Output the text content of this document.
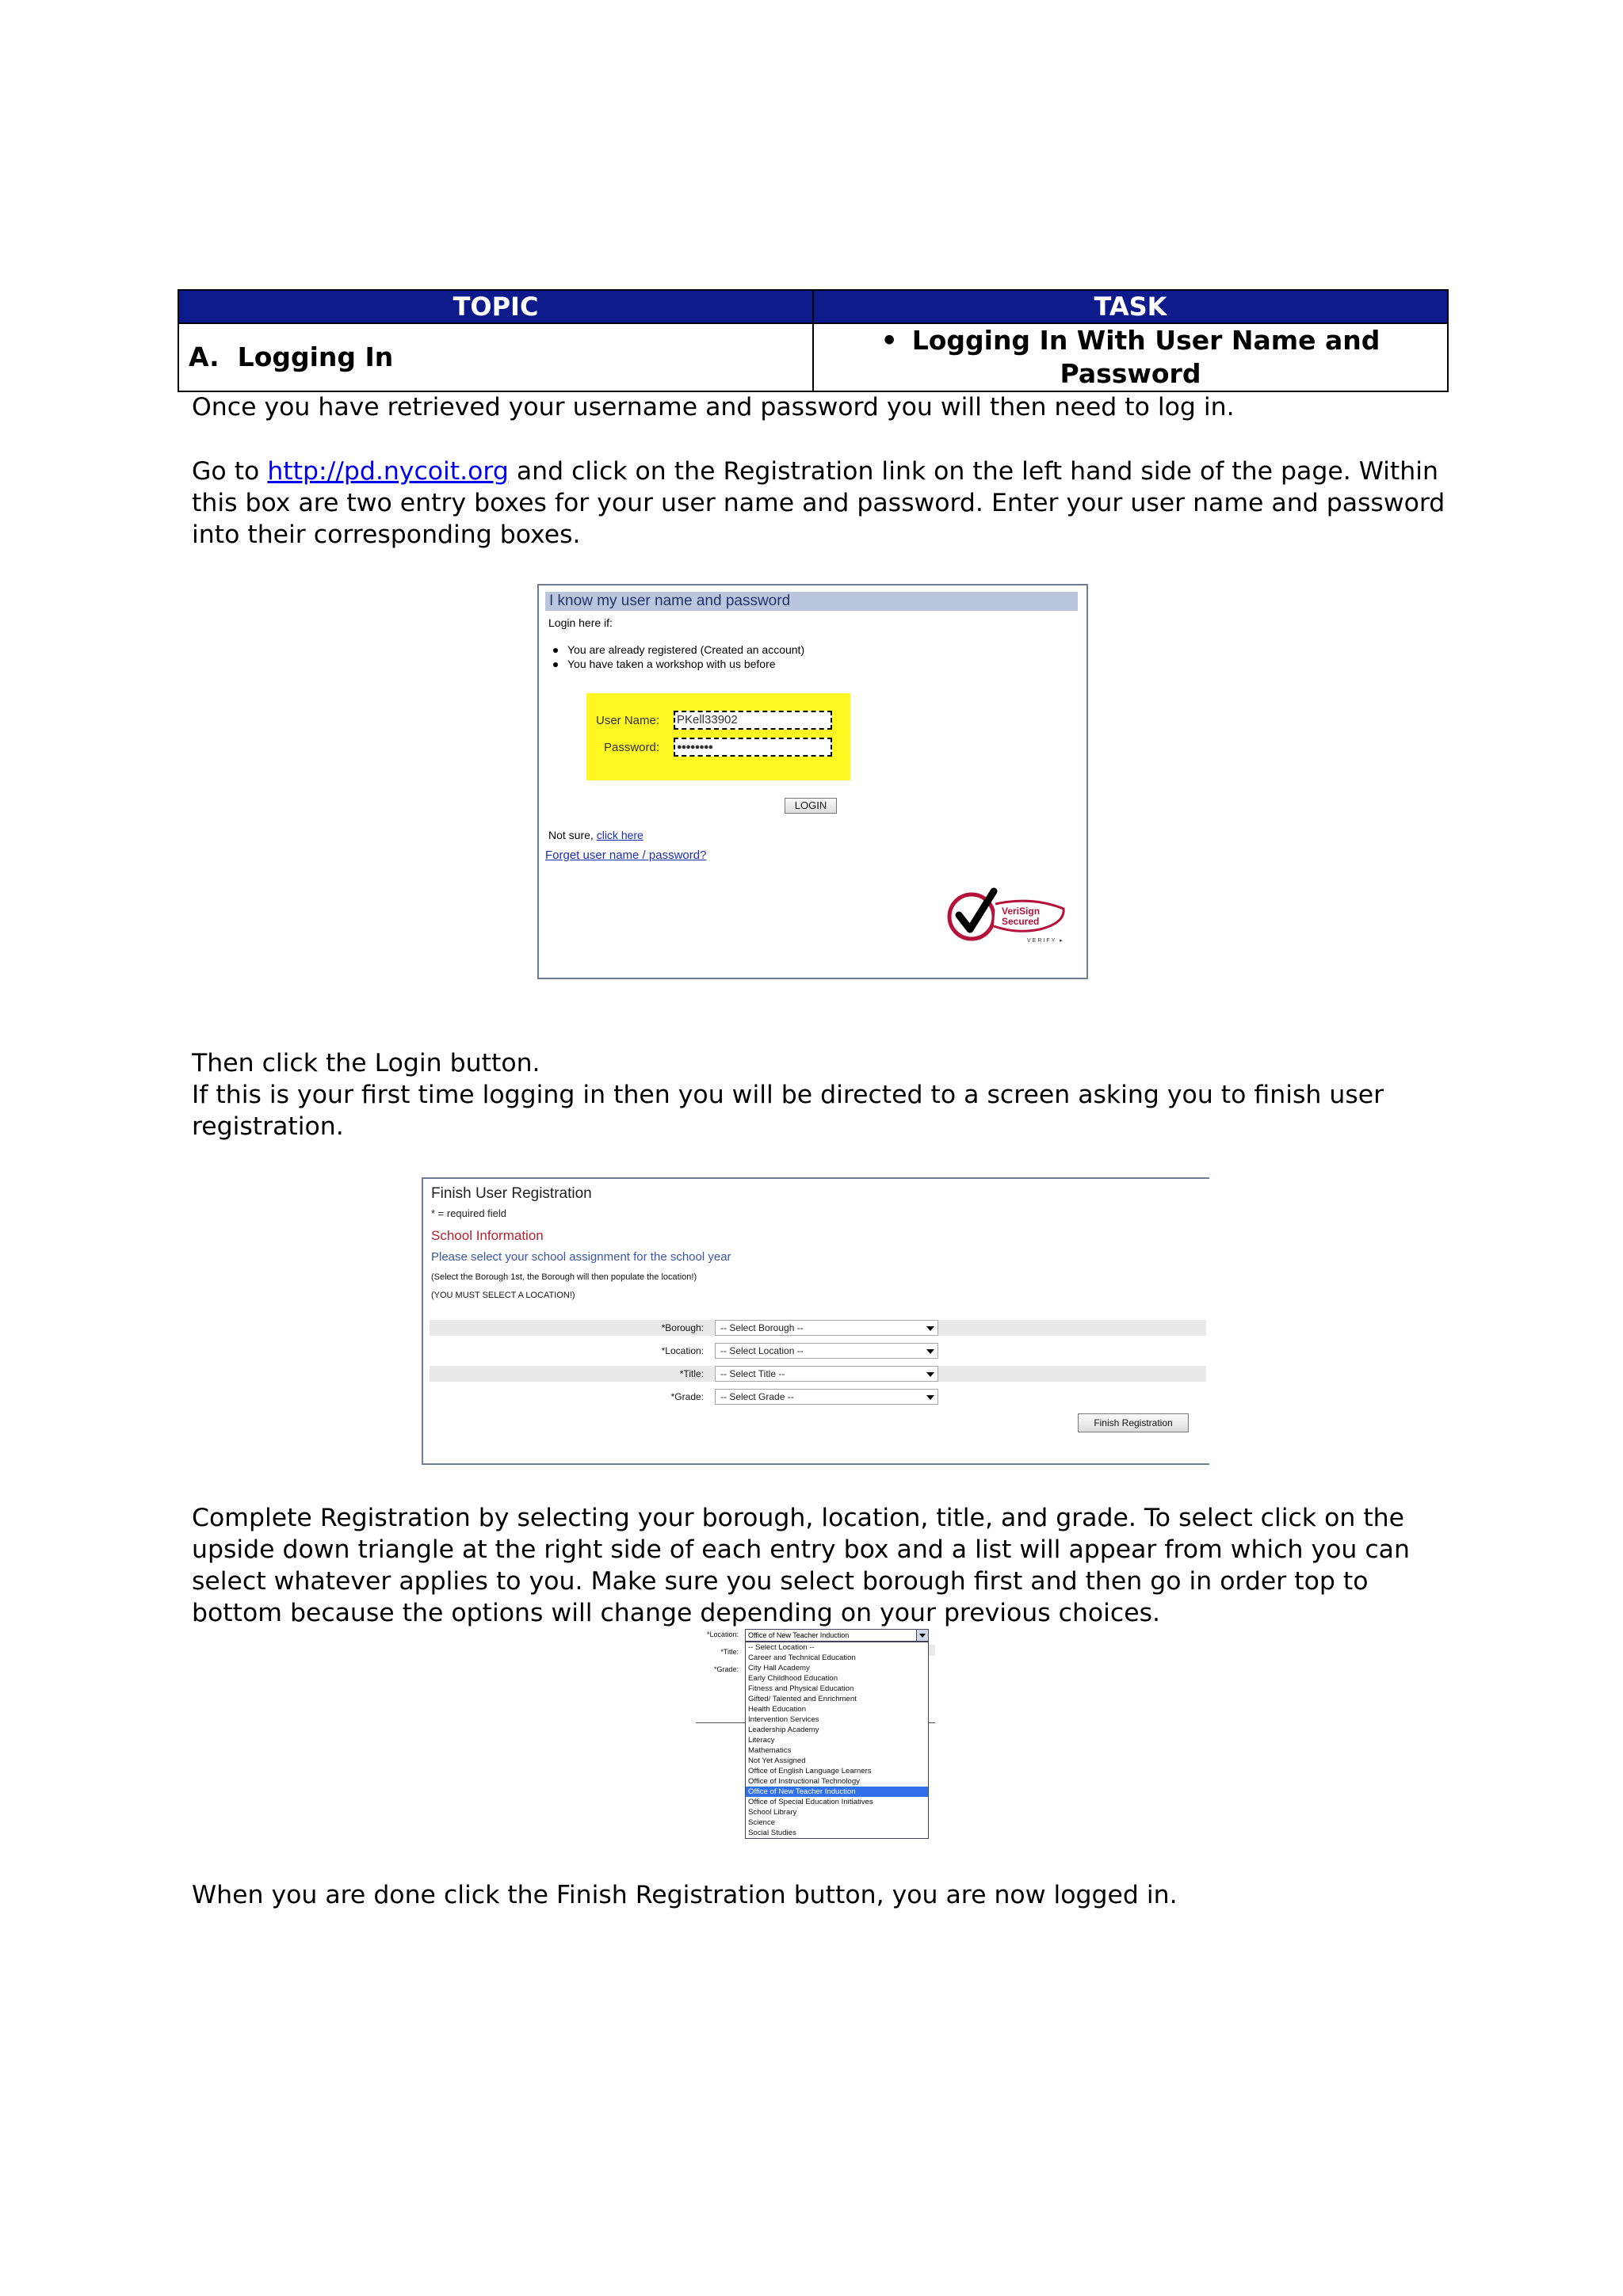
TOPIC	TASK
A.  Logging In	• Logging In With User Name and Password
Once you have retrieved your username and password you will then need to log in.
Go to http://pd.nycoit.org and click on the Registration link on the left hand side of the page. Within this box are two entry boxes for your user name and password. Enter your user name and password into their corresponding boxes.
I know my user name and password
Login here if:
You are already registered (Created an account)
You have taken a workshop with us before
User Name: PKell33902
Password:	●●●●●●●●
LOGIN
Not sure, click here
Forget user name / password?
VeriSign
Secured
VERIFY ▸
Then click the Login button.
If this is your first time logging in then you will be directed to a screen asking you to finish user registration.
Finish User Registration
* = required field
School Information
Please select your school assignment for the school year
(Select the Borough 1st, the Borough will then populate the location!)
(YOU MUST SELECT A LOCATION!)
*Borough:	-- Select Borough --
*Location:	-- Select Location --
*Title:	-- Select Title --
*Grade:	-- Select Grade --
Finish Registration
Complete Registration by selecting your borough, location, title, and grade. To select click on the upside down triangle at the right side of each entry box and a list will appear from which you can select whatever applies to you. Make sure you select borough first and then go in order top to bottom because the options will change depending on your previous choices.
*Location:
*Title:
*Grade:
Office of New Teacher Induction
-- Select Location --
Career and Technical Education
City Hall Academy
Early Childhood Education
Fitness and Physical Education
Gifted/ Talented and Enrichment
Health Education
Intervention Services
Leadership Academy
Literacy
Mathematics
Not Yet Assigned
Office of English Language Learners
Office of Instructional Technology
Office of New Teacher Induction
Office of Special Education Initiatives
School Library
Science
Social Studies
When you are done click the Finish Registration button, you are now logged in.
